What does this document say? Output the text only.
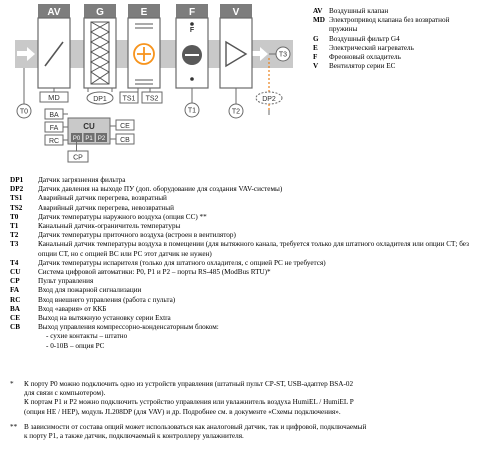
AV
MD
G	E
TS1 TS2
F
F
V
DP1
T0	T1	T2
DP2
T3
BA
FA
RC
CU
P0 P1 P2
CE
CB
CP
AV Воздушный клапан
MD Электропривод клапана без возвратной пружины
G	Воздушный фильтр G4
E	Электрический нагреватель
F	Фреоновый охладитель
V	Вентилятор серии ЕС
DP1	Датчик загрязнения фильтра
DP2	Датчик давления на выходе ПУ (доп. оборудование для создания VAV-системы)
TS1	Аварийный датчик перегрева, возвратный
TS2	Аварийный датчик перегрева, невозвратный
T0	Датчик температуры наружного воздуха (опция СС) **
T1	Канальный датчик-ограничитель температуры
T2	Датчик температуры приточного воздуха (встроен в вентилятор)
T3	Канальный датчик температуры воздуха в помещении (для вытяжного канала, требуется только для штатного охладителя или опции СТ; без опции СТ, но с опцией ВС или РС этот датчик не нужен)
T4	Датчик температуры испарителя (только для штатного охладителя, с опцией РС не требуется)
CU	Система цифровой автоматики: Р0, Р1 и Р2 – порты RS-485 (ModBus RTU)*
CP	Пульт управления
FA	Вход для пожарной сигнализации
RC	Вход внешнего управления (работа с пульта)
BA	Вход «авария» от ККБ
CE	Выход на вытяжную установку серии Extra
CB	Выход управления компрессорно-конденсаторным блоком:
- сухие контакты – штатно
- 0-10В – опция РС
*	К порту Р0 можно подключить одно из устройств управления (штатный пульт CP-ST, USB-адаптер BSA-02
для связи с компьютером).
К портам Р1 и Р2 можно подключить устройство управления или увлажнитель воздуха HumiEL / HumiEL P
(опция НЕ / HEP), модуль JL208DP (для VAV) и др. Подробнее см. в документе «Схемы подключения».
** В зависимости от состава опций может использоваться как аналоговый датчик, так и цифровой, подключаемый
к порту Р1, а также датчик, подключаемый к контроллеру увлажнителя.
